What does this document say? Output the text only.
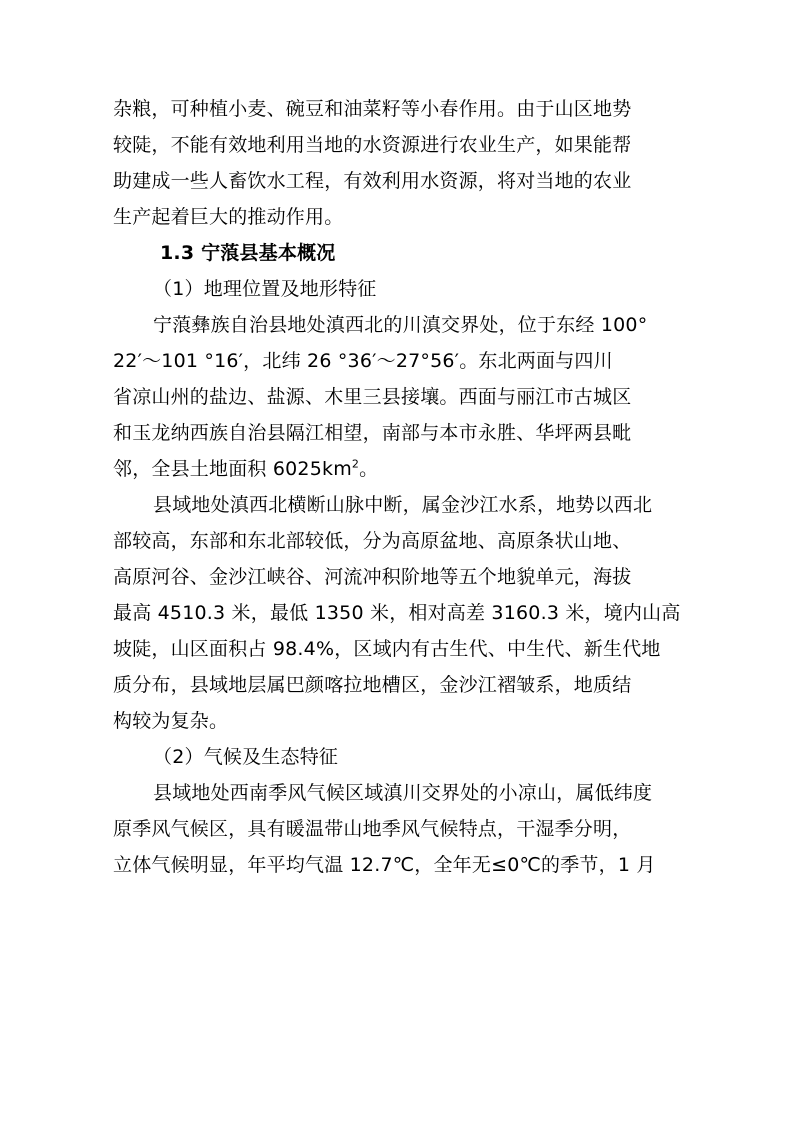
杂粮，可种植小麦、碗豆和油菜籽等小春作用。由于山区地势
较陡，不能有效地利用当地的水资源进行农业生产，如果能帮
助建成一些人畜饮水工程，有效利用水资源，将对当地的农业
生产起着巨大的推动作用。
1.3 宁蒗县基本概况
（1）地理位置及地形特征
宁蒗彝族自治县地处滇西北的川滇交界处，位于东经 100°
22′～101 °16′，北纬 26 °36′～27°56′。东北两面与四川
省凉山州的盐边、盐源、木里三县接壤。西面与丽江市古城区
和玉龙纳西族自治县隔江相望，南部与本市永胜、华坪两县毗
邻，全县土地面积 $6025km^2$。
县域地处滇西北横断山脉中断，属金沙江水系，地势以西北
部较高，东部和东北部较低，分为高原盆地、高原条状山地、
高原河谷、金沙江峡谷、河流冲积阶地等五个地貌单元，海拔
最高 4510.3 米，最低 1350 米，相对高差 3160.3 米，境内山高
坡陡，山区面积占 98.4%，区域内有古生代、中生代、新生代地
质分布，县域地层属巴颜喀拉地槽区，金沙江褶皱系，地质结
构较为复杂。
（2）气候及生态特征
县域地处西南季风气候区域滇川交界处的小凉山，属低纬度
原季风气候区，具有暖温带山地季风气候特点，干湿季分明，
立体气候明显，年平均气温 12.7℃，全年无≤0℃的季节，1 月
